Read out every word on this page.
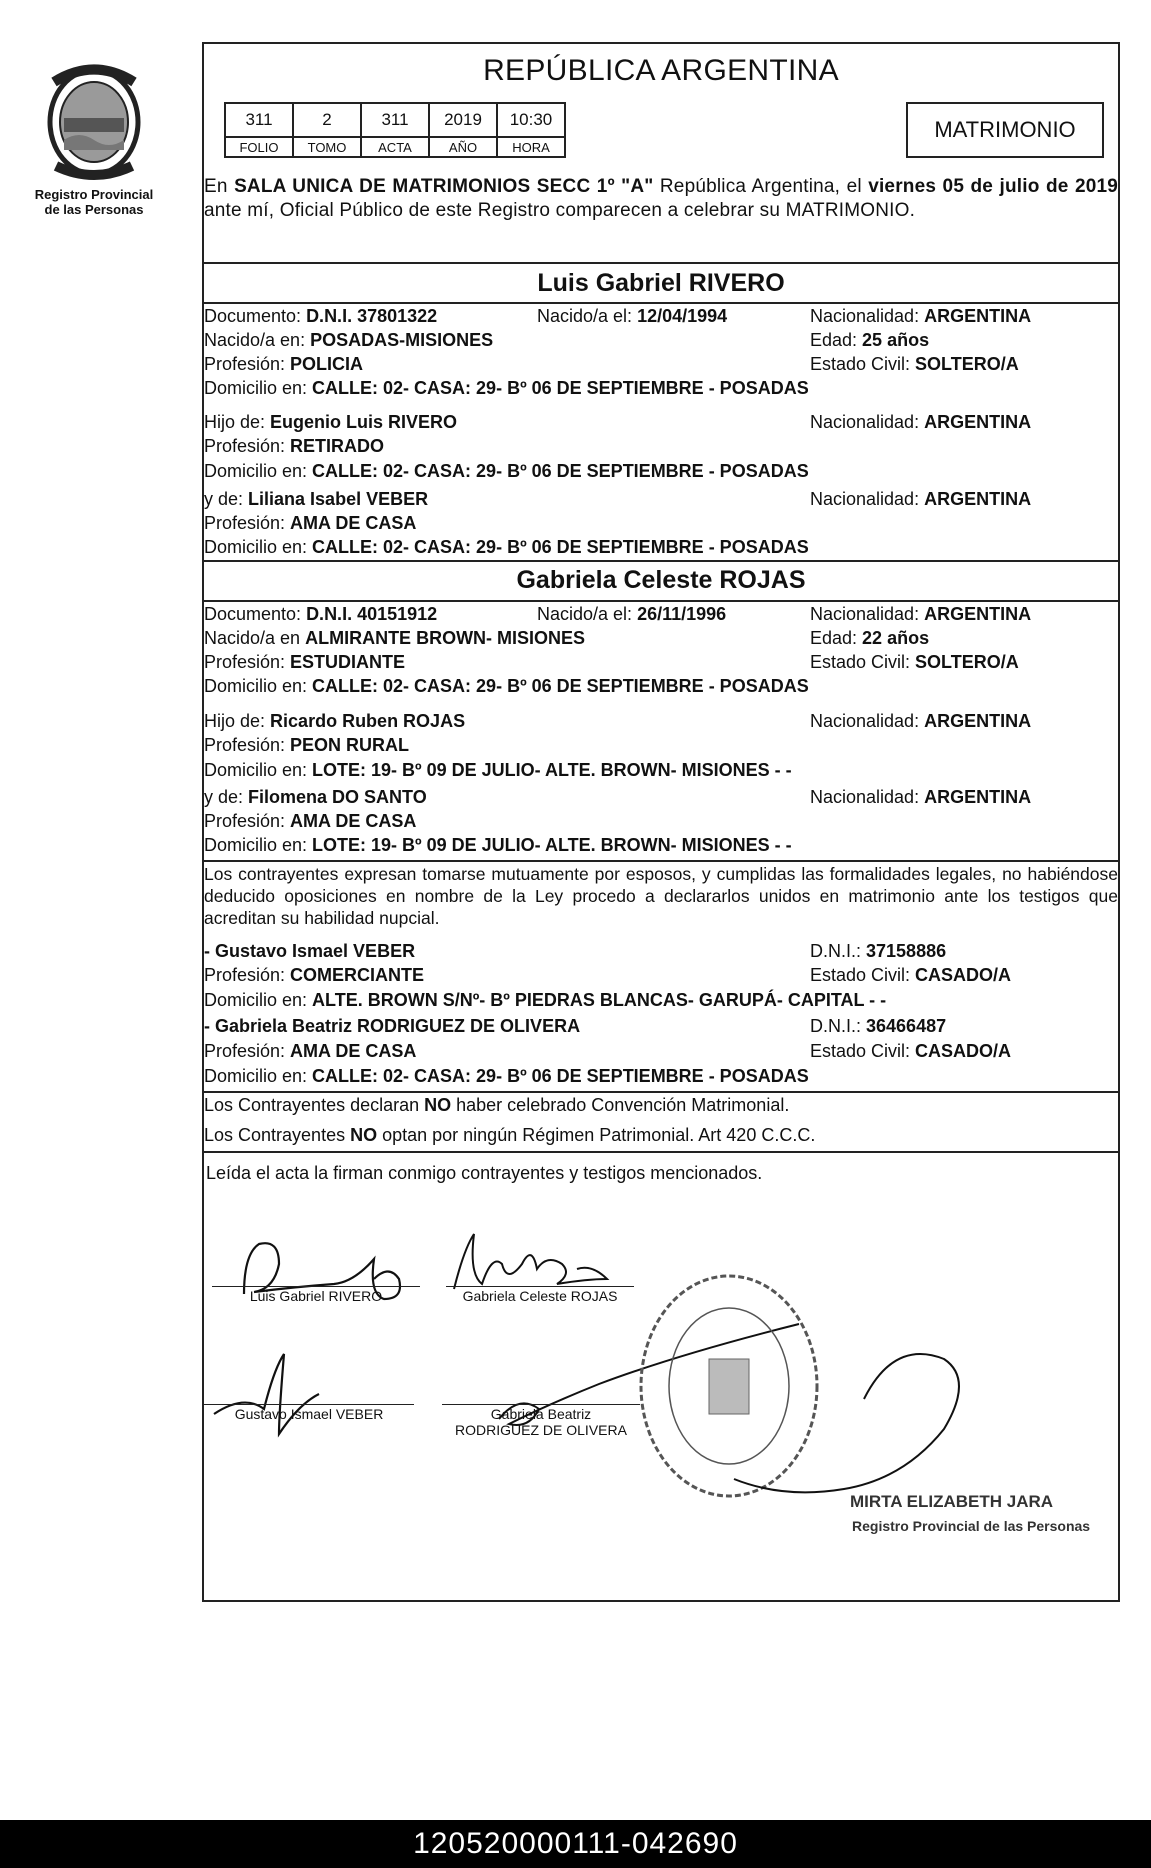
Registro Provincial
de las Personas
REPÚBLICA ARGENTINA
311	2	311	2019	10:30
FOLIO	TOMO	ACTA	AÑO	HORA
MATRIMONIO
En SALA UNICA DE MATRIMONIOS SECC 1º "A" República Argentina, el viernes 05 de julio de 2019 ante mí, Oficial Público de este Registro comparecen a celebrar su MATRIMONIO.
Luis Gabriel RIVERO
Documento: D.N.I. 37801322	Nacido/a el: 12/04/1994	Nacionalidad: ARGENTINA
Nacido/a en: POSADAS-MISIONES	Edad: 25 años
Profesión: POLICIA	Estado Civil: SOLTERO/A
Domicilio en: CALLE: 02- CASA: 29- Bº 06 DE SEPTIEMBRE - POSADAS
Hijo de: Eugenio Luis RIVERO	Nacionalidad: ARGENTINA
Profesión: RETIRADO
Domicilio en: CALLE: 02- CASA: 29- Bº 06 DE SEPTIEMBRE - POSADAS
y de: Liliana Isabel VEBER	Nacionalidad: ARGENTINA
Profesión: AMA DE CASA
Domicilio en: CALLE: 02- CASA: 29- Bº 06 DE SEPTIEMBRE - POSADAS
Gabriela Celeste ROJAS
Documento: D.N.I. 40151912	Nacido/a el: 26/11/1996	Nacionalidad: ARGENTINA
Nacido/a en ALMIRANTE BROWN- MISIONES	Edad: 22 años
Profesión: ESTUDIANTE	Estado Civil: SOLTERO/A
Domicilio en: CALLE: 02- CASA: 29- Bº 06 DE SEPTIEMBRE - POSADAS
Hijo de: Ricardo Ruben ROJAS	Nacionalidad: ARGENTINA
Profesión: PEON RURAL
Domicilio en: LOTE: 19- Bº 09 DE JULIO- ALTE. BROWN- MISIONES - -
y de: Filomena DO SANTO	Nacionalidad: ARGENTINA
Profesión: AMA DE CASA
Domicilio en: LOTE: 19- Bº 09 DE JULIO- ALTE. BROWN- MISIONES - -
Los contrayentes expresan tomarse mutuamente por esposos, y cumplidas las formalidades legales, no habiéndose deducido oposiciones en nombre de la Ley procedo a declararlos unidos en matrimonio ante los testigos que acreditan su habilidad nupcial.
- Gustavo Ismael VEBER	D.N.I.: 37158886
Profesión: COMERCIANTE	Estado Civil: CASADO/A
Domicilio en: ALTE. BROWN S/Nº- Bº PIEDRAS BLANCAS- GARUPÁ- CAPITAL - -
- Gabriela Beatriz RODRIGUEZ DE OLIVERA	D.N.I.: 36466487
Profesión: AMA DE CASA	Estado Civil: CASADO/A
Domicilio en: CALLE: 02- CASA: 29- Bº 06 DE SEPTIEMBRE - POSADAS
Los Contrayentes declaran NO haber celebrado Convención Matrimonial.
Los Contrayentes NO optan por ningún Régimen Patrimonial. Art 420 C.C.C.
Leída el acta la firman conmigo contrayentes y testigos mencionados.
Luis Gabriel RIVERO	Gabriela Celeste ROJAS
Gustavo Ismael VEBER	Gabriela Beatriz
RODRIGUEZ DE OLIVERA
MIRTA ELIZABETH JARA
Registro Provincial de las Personas
120520000111-042690
